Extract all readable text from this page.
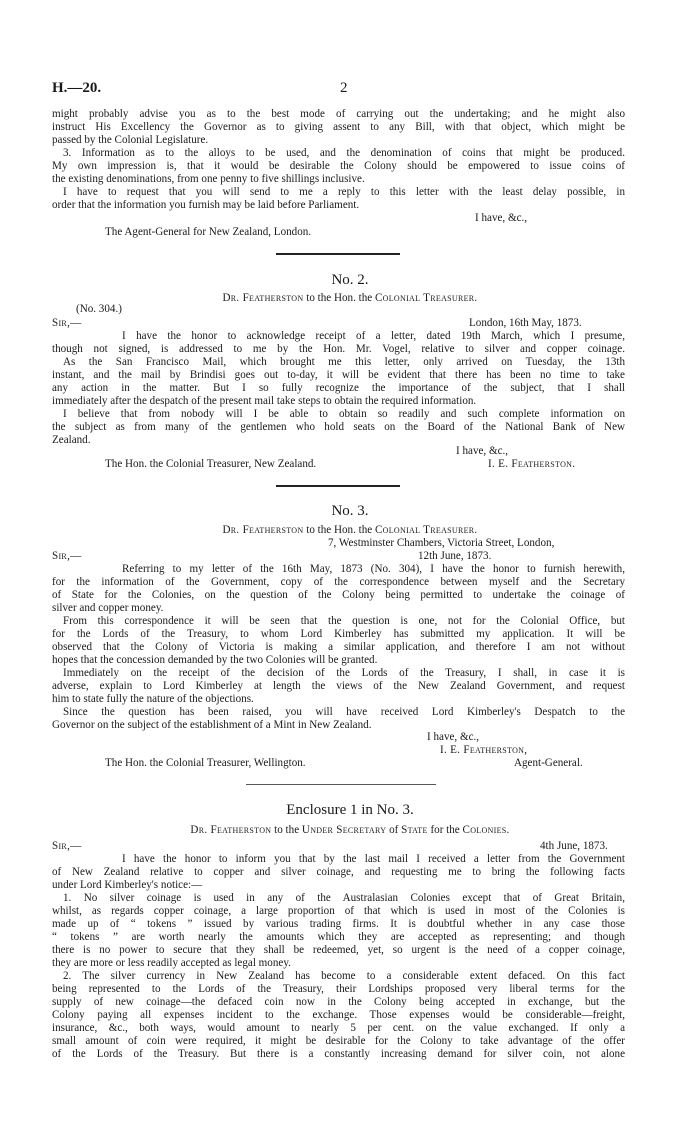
H.—20.	2
might probably advise you as to the best mode of carrying out the undertaking; and he might also
instruct His Excellency the Governor as to giving assent to any Bill, with that object, which might be
passed by the Colonial Legislature.
3. Information as to the alloys to be used, and the denomination of coins that might be produced.
My own impression is, that it would be desirable the Colony should be empowered to issue coins of
the existing denominations, from one penny to five shillings inclusive.
I have to request that you will send to me a reply to this letter with the least delay possible, in
order that the information you furnish may be laid before Parliament.
I have, &c.,
The Agent-General for New Zealand, London.
No. 2.
Dr. Featherston to the Hon. the Colonial Treasurer.
(No. 304.)
Sir,—	London, 16th May, 1873.
I have the honor to acknowledge receipt of a letter, dated 19th March, which I presume,
though not signed, is addressed to me by the Hon. Mr. Vogel, relative to silver and copper coinage.
As the San Francisco Mail, which brought me this letter, only arrived on Tuesday, the 13th
instant, and the mail by Brindisi goes out to-day, it will be evident that there has been no time to take
any action in the matter. But I so fully recognize the importance of the subject, that I shall
immediately after the despatch of the present mail take steps to obtain the required information.
I believe that from nobody will I be able to obtain so readily and such complete information on
the subject as from many of the gentlemen who hold seats on the Board of the National Bank of New
Zealand.
I have, &c.,
The Hon. the Colonial Treasurer, New Zealand.	I. E. Featherston.
No. 3.
Dr. Featherston to the Hon. the Colonial Treasurer.
7, Westminster Chambers, Victoria Street, London,
Sir,—	12th June, 1873.
Referring to my letter of the 16th May, 1873 (No. 304), I have the honor to furnish herewith,
for the information of the Government, copy of the correspondence between myself and the Secretary
of State for the Colonies, on the question of the Colony being permitted to undertake the coinage of
silver and copper money.
From this correspondence it will be seen that the question is one, not for the Colonial Office, but
for the Lords of the Treasury, to whom Lord Kimberley has submitted my application. It will be
observed that the Colony of Victoria is making a similar application, and therefore I am not without
hopes that the concession demanded by the two Colonies will be granted.
Immediately on the receipt of the decision of the Lords of the Treasury, I shall, in case it is
adverse, explain to Lord Kimberley at length the views of the New Zealand Government, and request
him to state fully the nature of the objections.
Since the question has been raised, you will have received Lord Kimberley's Despatch to the
Governor on the subject of the establishment of a Mint in New Zealand.
I have, &c.,
I. E. Featherston,
The Hon. the Colonial Treasurer, Wellington.	Agent-General.
Enclosure 1 in No. 3.
Dr. Featherston to the Under Secretary of State for the Colonies.
Sir,—	4th June, 1873.
I have the honor to inform you that by the last mail I received a letter from the Government
of New Zealand relative to copper and silver coinage, and requesting me to bring the following facts
under Lord Kimberley's notice:—
1. No silver coinage is used in any of the Australasian Colonies except that of Great Britain,
whilst, as regards copper coinage, a large proportion of that which is used in most of the Colonies is
made up of “ tokens ” issued by various trading firms. It is doubtful whether in any case those
“ tokens ” are worth nearly the amounts which they are accepted as representing; and though
there is no power to secure that they shall be redeemed, yet, so urgent is the need of a copper coinage,
they are more or less readily accepted as legal money.
2. The silver currency in New Zealand has become to a considerable extent defaced. On this fact
being represented to the Lords of the Treasury, their Lordships proposed very liberal terms for the
supply of new coinage—the defaced coin now in the Colony being accepted in exchange, but the
Colony paying all expenses incident to the exchange. Those expenses would be considerable—freight,
insurance, &c., both ways, would amount to nearly 5 per cent. on the value exchanged. If only a
small amount of coin were required, it might be desirable for the Colony to take advantage of the offer
of the Lords of the Treasury. But there is a constantly increasing demand for silver coin, not alone
